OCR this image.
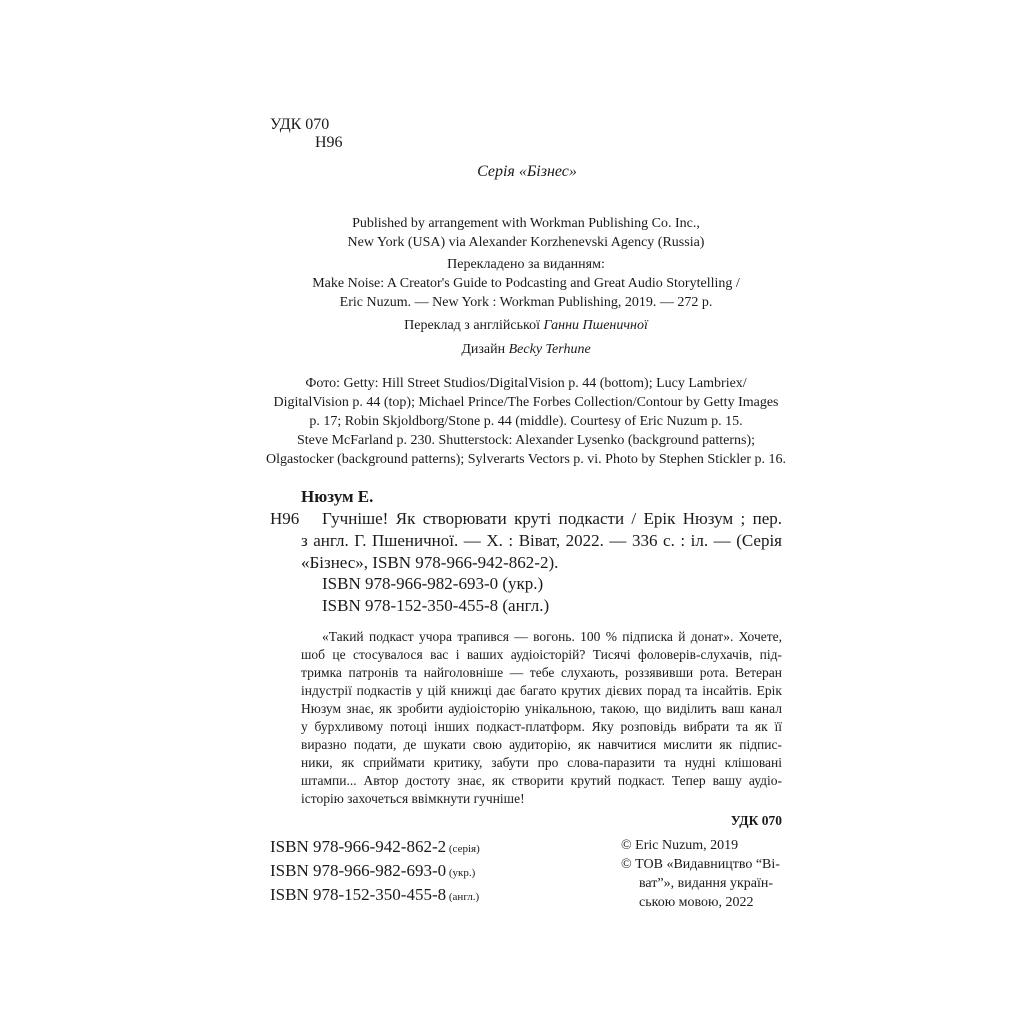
УДК 070
Н96
Серія «Бізнес»
Published by arrangement with Workman Publishing Co. Inc.,
New York (USA) via Alexander Korzhenevski Agency (Russia)
Перекладено за виданням:
Make Noise: A Creator's Guide to Podcasting and Great Audio Storytelling /
Eric Nuzum. — New York : Workman Publishing, 2019. — 272 p.
Переклад з англійської Ганни Пшеничної
Дизайн Becky Terhune
Фото: Getty: Hill Street Studios/DigitalVision p. 44 (bottom); Lucy Lambriex/
DigitalVision p. 44 (top); Michael Prince/The Forbes Collection/Contour by Getty Images
p. 17; Robin Skjoldborg/Stone p. 44 (middle). Courtesy of Eric Nuzum p. 15.
Steve McFarland p. 230. Shutterstock: Alexander Lysenko (background patterns);
Olgastocker (background patterns); Sylverarts Vectors p. vi. Photo by Stephen Stickler p. 16.
Нюзум Е.
Н96 Гучніше! Як створювати круті подкасти / Ерік Нюзум ; пер.
з англ. Г. Пшеничної. — Х. : Віват, 2022. — 336 с. : іл. — (Серія
«Бізнес», ISBN 978-966-942-862-2).
ISBN 978-966-982-693-0 (укр.)
ISBN 978-152-350-455-8 (англ.)
«Такий подкаст учора трапився — вогонь. 100 % підписка й донат». Хочете,
шоб це стосувалося вас і ваших аудіоісторій? Тисячі фоловерів-слухачів, під-
тримка патронів та найголовніше — тебе слухають, роззявивши рота. Ветеран
індустрії подкастів у цій книжці дає багато крутих дієвих порад та інсайтів. Ерік
Нюзум знає, як зробити аудіоісторію унікальною, такою, що виділить ваш канал
у бурхливому потоці інших подкаст-платформ. Яку розповідь вибрати та як її
виразно подати, де шукати свою аудиторію, як навчитися мислити як підпис-
ники, як сприймати критику, забути про слова-паразити та нудні клішовані
штампи... Автор достоту знає, як створити крутий подкаст. Тепер вашу аудіо-
історію захочеться ввімкнути гучніше!
УДК 070
ISBN 978-966-942-862-2 (серія)
ISBN 978-966-982-693-0 (укр.)
ISBN 978-152-350-455-8 (англ.)
© Eric Nuzum, 2019
© ТОВ «Видавництво “Ві-
ват”», видання україн-
ською мовою, 2022
